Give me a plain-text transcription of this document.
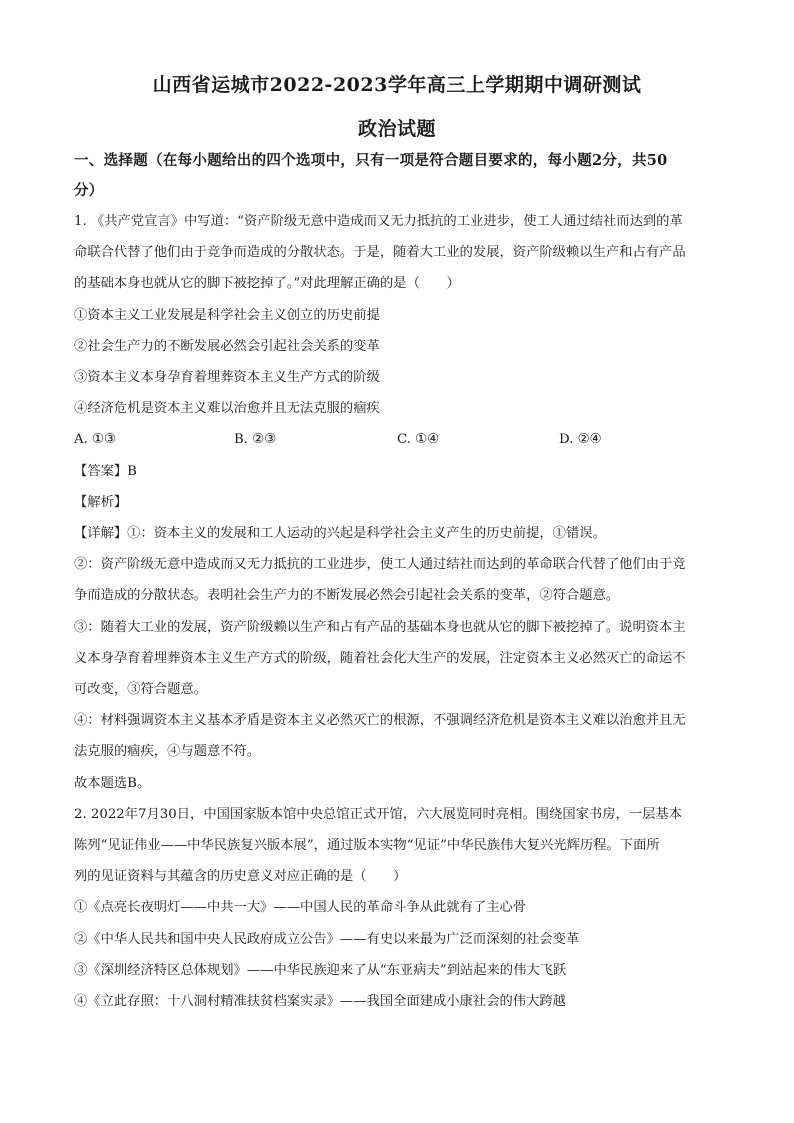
山西省运城市2022-2023学年高三上学期期中调研测试
政治试题
一、选择题（在每小题给出的四个选项中，只有一项是符合题目要求的，每小题2分，共50
分）
1. 《共产党宣言》中写道：“资产阶级无意中造成而又无力抵抗的工业进步，使工人通过结社而达到的革
命联合代替了他们由于竞争而造成的分散状态。于是，随着大工业的发展，资产阶级赖以生产和占有产品
的基础本身也就从它的脚下被挖掉了。”对此理解正确的是（　　）
①资本主义工业发展是科学社会主义创立的历史前提
②社会生产力的不断发展必然会引起社会关系的变革
③资本主义本身孕育着埋葬资本主义生产方式的阶级
④经济危机是资本主义难以治愈并且无法克服的痼疾
A. ①③	B. ②③	C. ①④	D. ②④
【答案】B
【解析】
【详解】①：资本主义的发展和工人运动的兴起是科学社会主义产生的历史前提，①错误。
②：资产阶级无意中造成而又无力抵抗的工业进步，使工人通过结社而达到的革命联合代替了他们由于竞
争而造成的分散状态。表明社会生产力的不断发展必然会引起社会关系的变革，②符合题意。
③：随着大工业的发展，资产阶级赖以生产和占有产品的基础本身也就从它的脚下被挖掉了。说明资本主
义本身孕育着埋葬资本主义生产方式的阶级，随着社会化大生产的发展，注定资本主义必然灭亡的命运不
可改变，③符合题意。
④：材料强调资本主义基本矛盾是资本主义必然灭亡的根源，不强调经济危机是资本主义难以治愈并且无
法克服的痼疾，④与题意不符。
故本题选B。
2. 2022年7月30日，中国国家版本馆中央总馆正式开馆，六大展览同时亮相。围绕国家书房，一层基本
陈列“见证伟业——中华民族复兴版本展”，通过版本实物“见证”中华民族伟大复兴光辉历程。下面所
列的见证资料与其蕴含的历史意义对应正确的是（　　）
①《点亮长夜明灯——中共一大》——中国人民的革命斗争从此就有了主心骨
②《中华人民共和国中央人民政府成立公告》——有史以来最为广泛而深刻的社会变革
③《深圳经济特区总体规划》——中华民族迎来了从“东亚病夫”到站起来的伟大飞跃
④《立此存照：十八洞村精准扶贫档案实录》——我国全面建成小康社会的伟大跨越
